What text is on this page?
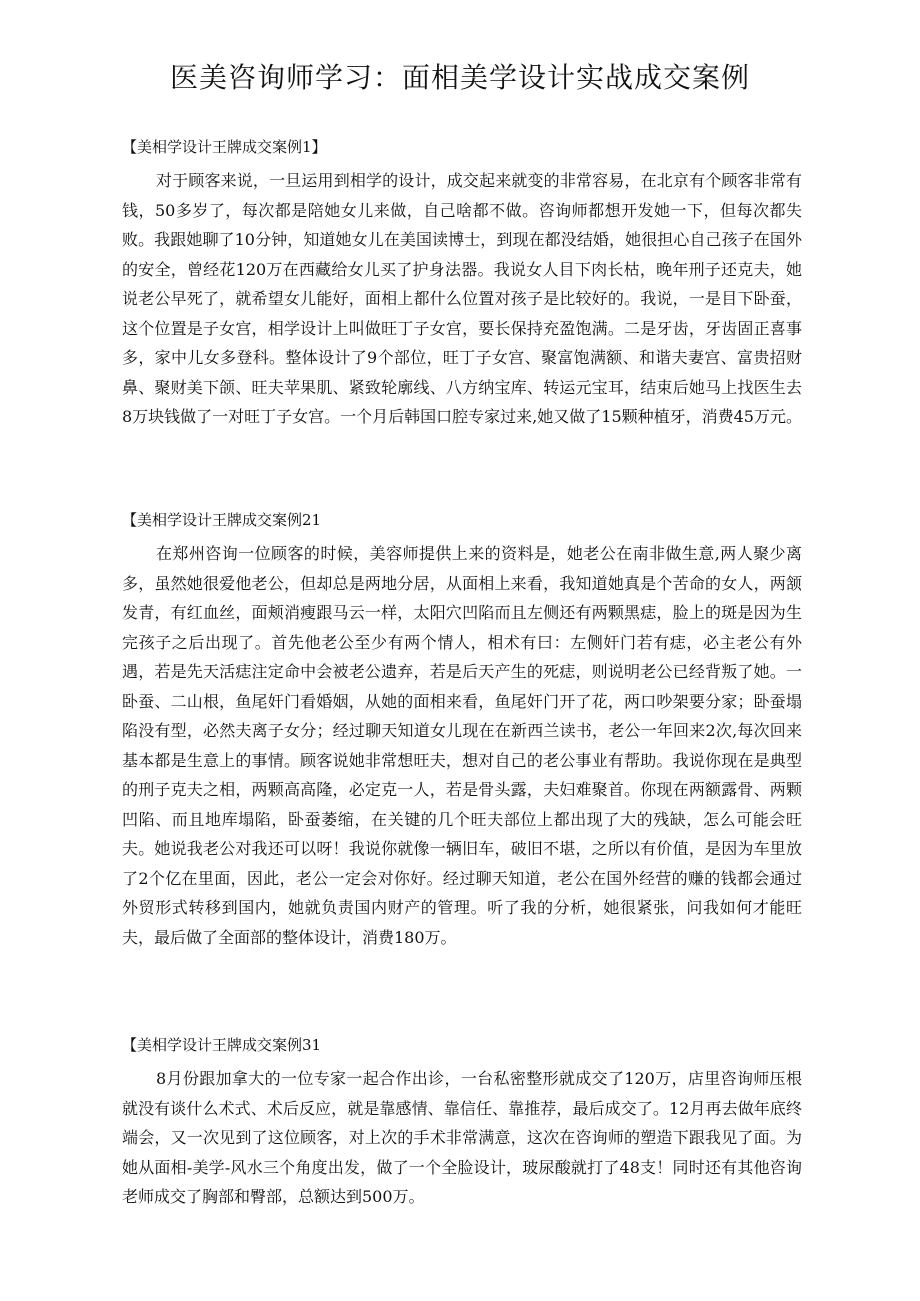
医美咨询师学习：面相美学设计实战成交案例

【美相学设计王牌成交案例1】

对于顾客来说，一旦运用到相学的设计，成交起来就变的非常容易，在北京有个顾客非常有钱，50多岁了，每次都是陪她女儿来做，自己啥都不做。咨询师都想开发她一下，但每次都失败。我跟她聊了10分钟，知道她女儿在美国读博士，到现在都没结婚，她很担心自己孩子在国外的安全，曾经花120万在西藏给女儿买了护身法器。我说女人目下肉长枯，晚年刑子还克夫，她说老公早死了，就希望女儿能好，面相上都什么位置对孩子是比较好的。我说，一是目下卧蚕，这个位置是子女宫，相学设计上叫做旺丁子女宫，要长保持充盈饱满。二是牙齿，牙齿固正喜事多，家中儿女多登科。整体设计了9个部位，旺丁子女宫、聚富饱满额、和谐夫妻宫、富贵招财鼻、聚财美下颌、旺夫苹果肌、紧致轮廓线、八方纳宝库、转运元宝耳，结束后她马上找医生去8万块钱做了一对旺丁子女宫。一个月后韩国口腔专家过来,她又做了15颗种植牙，消费45万元。

【美相学设计王牌成交案例21

在郑州咨询一位顾客的时候，美容师提供上来的资料是，她老公在南非做生意,两人聚少离多，虽然她很爱他老公，但却总是两地分居，从面相上来看，我知道她真是个苦命的女人，两颔发青，有红血丝，面颊消瘦跟马云一样，太阳穴凹陷而且左侧还有两颗黑痣，脸上的斑是因为生完孩子之后出现了。首先他老公至少有两个情人，相术有曰：左侧奸门若有痣，必主老公有外遇，若是先天活痣注定命中会被老公遗弃，若是后天产生的死痣，则说明老公已经背叛了她。一卧蚕、二山根，鱼尾奸门看婚姻，从她的面相来看，鱼尾奸门开了花，两口吵架要分家；卧蚕塌陷没有型，必然夫离子女分；经过聊天知道女儿现在在新西兰读书，老公一年回来2次,每次回来基本都是生意上的事情。顾客说她非常想旺夫，想对自己的老公事业有帮助。我说你现在是典型的刑子克夫之相，两颗高高隆，必定克一人，若是骨头露，夫妇难聚首。你现在两额露骨、两颗凹陷、而且地库塌陷，卧蚕萎缩，在关键的几个旺夫部位上都出现了大的残缺，怎么可能会旺夫。她说我老公对我还可以呀！我说你就像一辆旧车，破旧不堪，之所以有价值，是因为车里放了2个亿在里面，因此，老公一定会对你好。经过聊天知道，老公在国外经营的赚的钱都会通过外贸形式转移到国内，她就负责国内财产的管理。听了我的分析，她很紧张，问我如何才能旺夫，最后做了全面部的整体设计，消费180万。

【美相学设计王牌成交案例31

8月份跟加拿大的一位专家一起合作出诊，一台私密整形就成交了120万，店里咨询师压根就没有谈什么术式、术后反应，就是靠感情、靠信任、靠推荐，最后成交了。12月再去做年底终端会，又一次见到了这位顾客，对上次的手术非常满意，这次在咨询师的塑造下跟我见了面。为她从面相-美学-风水三个角度出发，做了一个全脸设计，玻尿酸就打了48支！同时还有其他咨询老师成交了胸部和臀部，总额达到500万。
